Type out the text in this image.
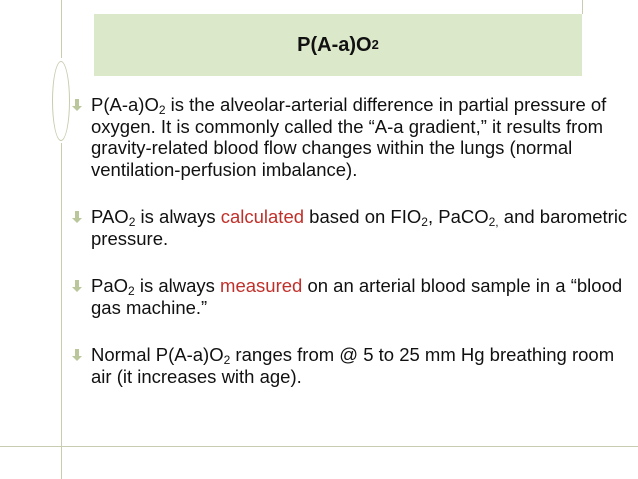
P(A-a)O 2
$P(A-a)O_2$ is the alveolar-arterial difference in partial pressure of oxygen. It is commonly called the “A-a gradient,” it results from gravity-related blood flow changes within the lungs (normal ventilation-perfusion imbalance).
$PAO_2$ is always calculated based on $FIO_2$, PaCO$_{2,}$ and barometric pressure.
PaO$_2$ is always measured on an arterial blood sample in a “blood gas machine.”
Normal $P(A-a)O_2$ ranges from @ 5 to 25 mm Hg breathing room air (it increases with age).
